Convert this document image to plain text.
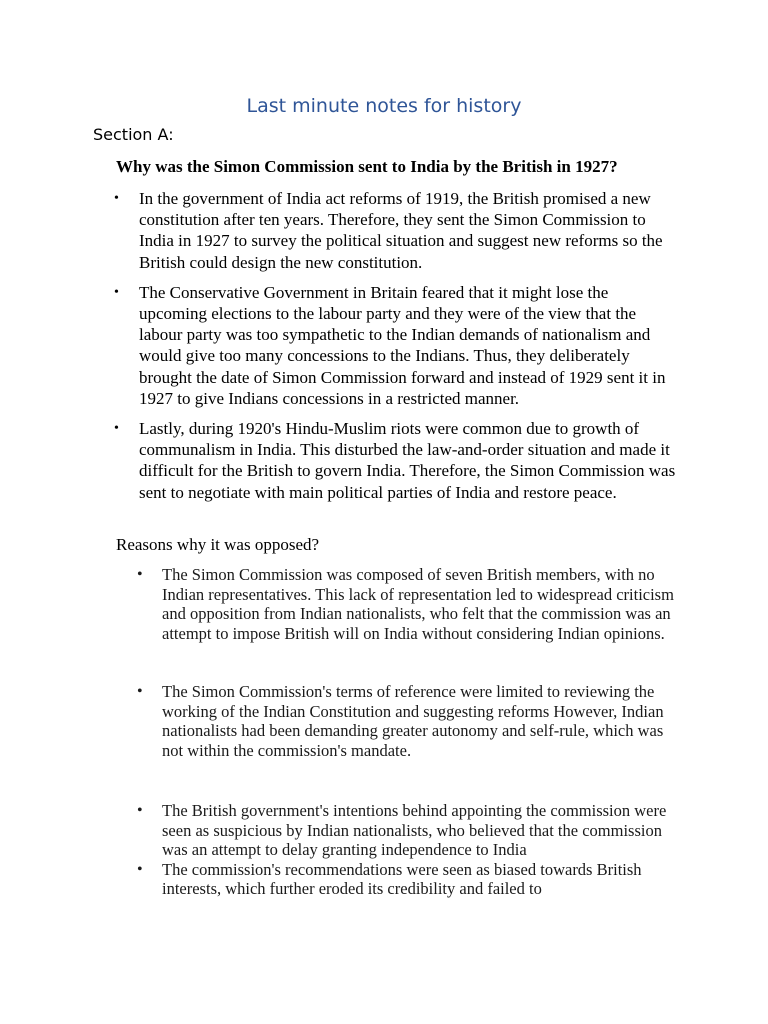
Last minute notes for history
Section A:
Why was the Simon Commission sent to India by the British in 1927?
• In the government of India act reforms of 1919, the British promised a new constitution after ten years. Therefore, they sent the Simon Commission to India in 1927 to survey the political situation and suggest new reforms so the British could design the new constitution.
• The Conservative Government in Britain feared that it might lose the upcoming elections to the labour party and they were of the view that the labour party was too sympathetic to the Indian demands of nationalism and would give too many concessions to the Indians. Thus, they deliberately brought the date of Simon Commission forward and instead of 1929 sent it in 1927 to give Indians concessions in a restricted manner.
• Lastly, during 1920's Hindu-Muslim riots were common due to growth of communalism in India. This disturbed the law-and-order situation and made it difficult for the British to govern India. Therefore, the Simon Commission was sent to negotiate with main political parties of India and restore peace.
Reasons why it was opposed?
• The Simon Commission was composed of seven British members, with no Indian representatives. This lack of representation led to widespread criticism and opposition from Indian nationalists, who felt that the commission was an attempt to impose British will on India without considering Indian opinions.
• The Simon Commission's terms of reference were limited to reviewing the working of the Indian Constitution and suggesting reforms However, Indian nationalists had been demanding greater autonomy and self-rule, which was not within the commission's mandate.
• The British government's intentions behind appointing the commission were seen as suspicious by Indian nationalists, who believed that the commission was an attempt to delay granting independence to India
• The commission's recommendations were seen as biased towards British interests, which further eroded its credibility and failed to
